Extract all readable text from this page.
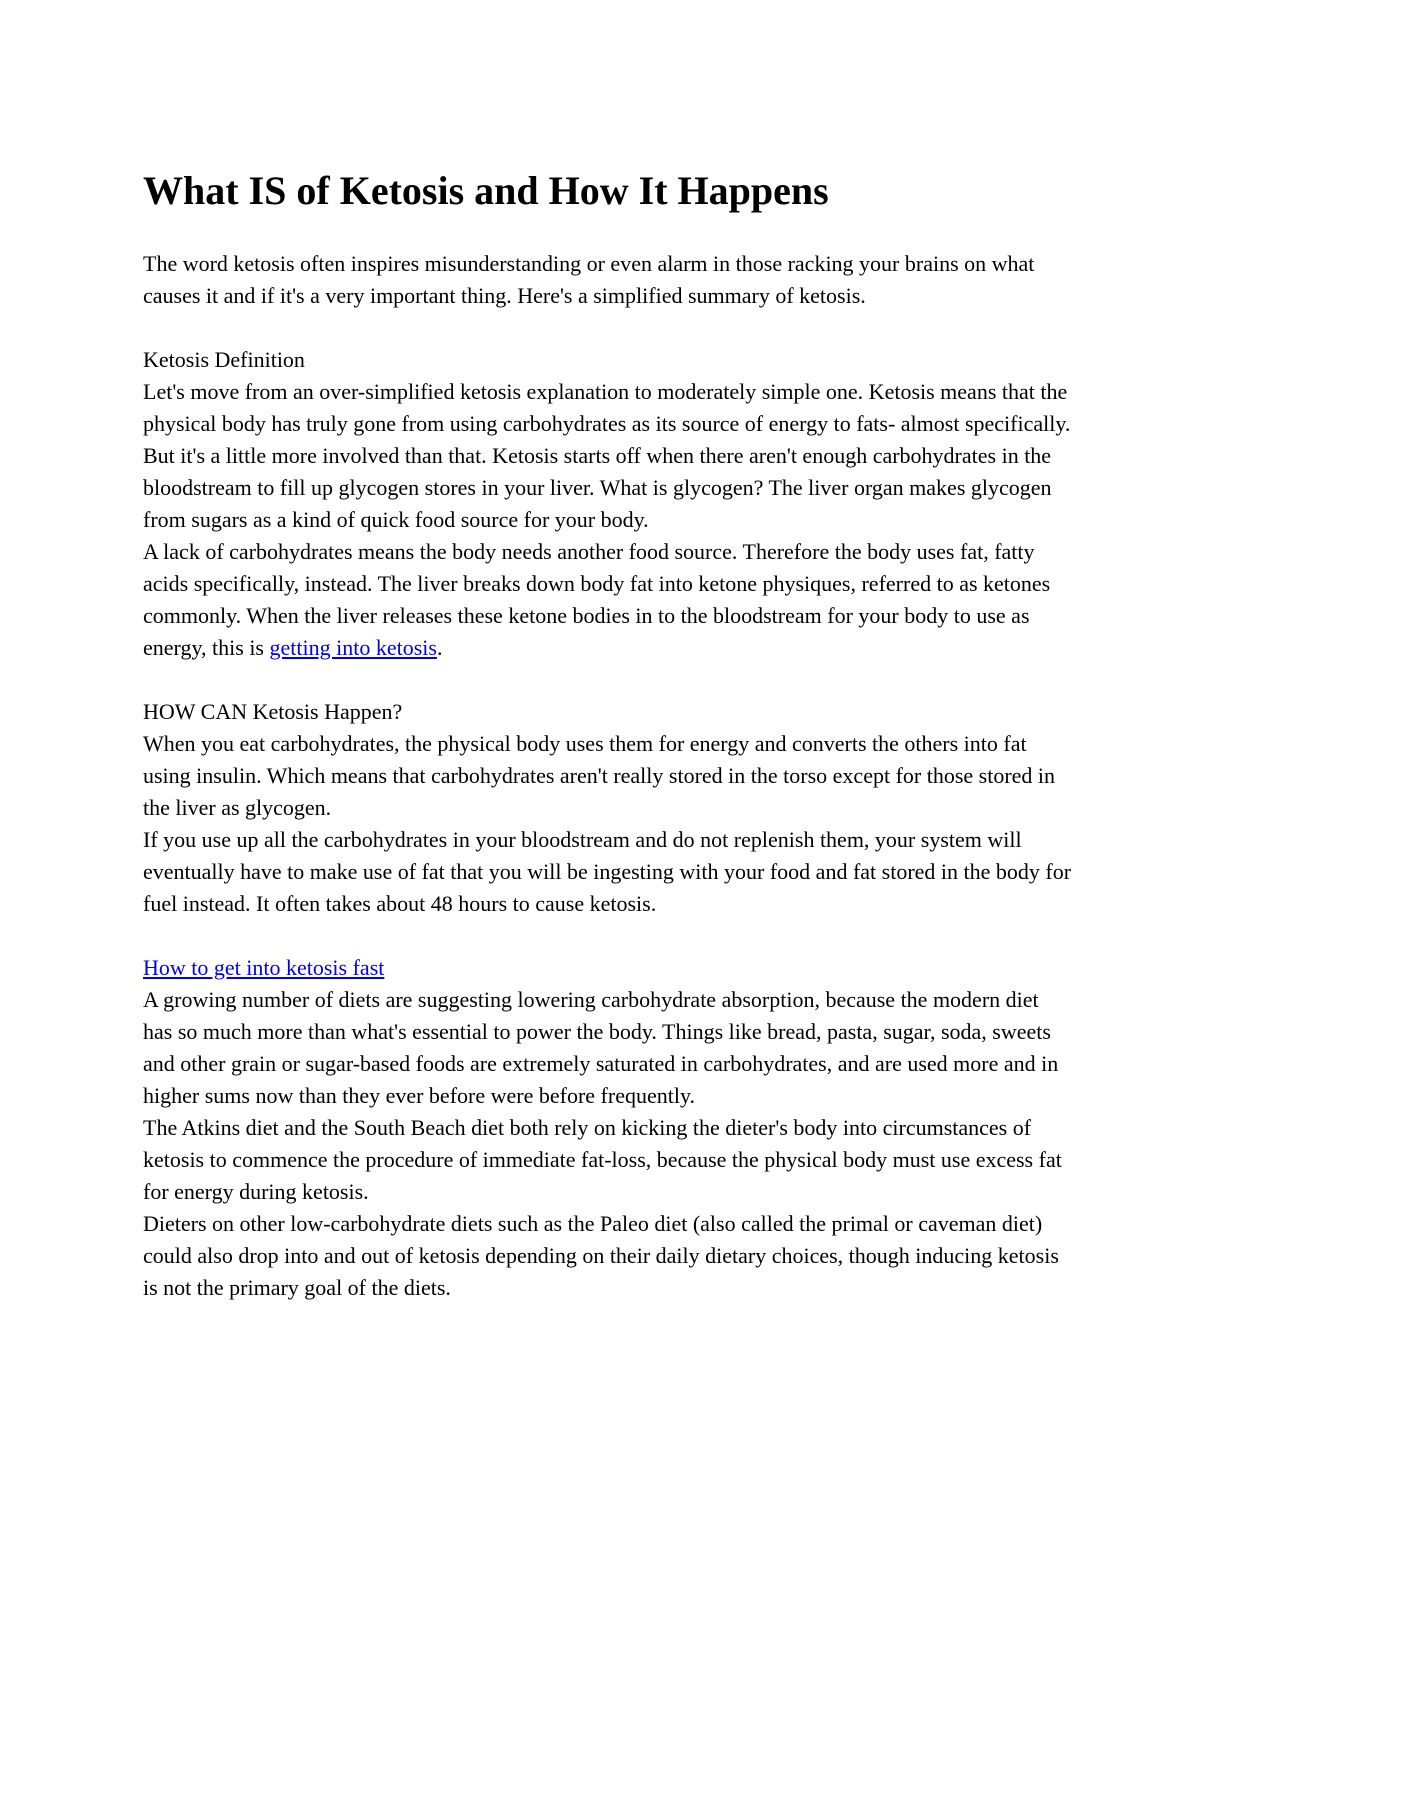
What IS of Ketosis and How It Happens

The word ketosis often inspires misunderstanding or even alarm in those racking your brains on what causes it and if it's a very important thing. Here's a simplified summary of ketosis.

Ketosis Definition

Let's move from an over-simplified ketosis explanation to moderately simple one. Ketosis means that the physical body has truly gone from using carbohydrates as its source of energy to fats- almost specifically.

But it's a little more involved than that. Ketosis starts off when there aren't enough carbohydrates in the bloodstream to fill up glycogen stores in your liver. What is glycogen? The liver organ makes glycogen from sugars as a kind of quick food source for your body.

A lack of carbohydrates means the body needs another food source. Therefore the body uses fat, fatty acids specifically, instead. The liver breaks down body fat into ketone physiques, referred to as ketones commonly. When the liver releases these ketone bodies in to the bloodstream for your body to use as energy, this is getting into ketosis.

HOW CAN Ketosis Happen?

When you eat carbohydrates, the physical body uses them for energy and converts the others into fat using insulin. Which means that carbohydrates aren't really stored in the torso except for those stored in the liver as glycogen.

If you use up all the carbohydrates in your bloodstream and do not replenish them, your system will eventually have to make use of fat that you will be ingesting with your food and fat stored in the body for fuel instead. It often takes about 48 hours to cause ketosis.

How to get into ketosis fast

A growing number of diets are suggesting lowering carbohydrate absorption, because the modern diet has so much more than what's essential to power the body. Things like bread, pasta, sugar, soda, sweets and other grain or sugar-based foods are extremely saturated in carbohydrates, and are used more and in higher sums now than they ever before were before frequently.

The Atkins diet and the South Beach diet both rely on kicking the dieter's body into circumstances of ketosis to commence the procedure of immediate fat-loss, because the physical body must use excess fat for energy during ketosis.

Dieters on other low-carbohydrate diets such as the Paleo diet (also called the primal or caveman diet) could also drop into and out of ketosis depending on their daily dietary choices, though inducing ketosis is not the primary goal of the diets.
